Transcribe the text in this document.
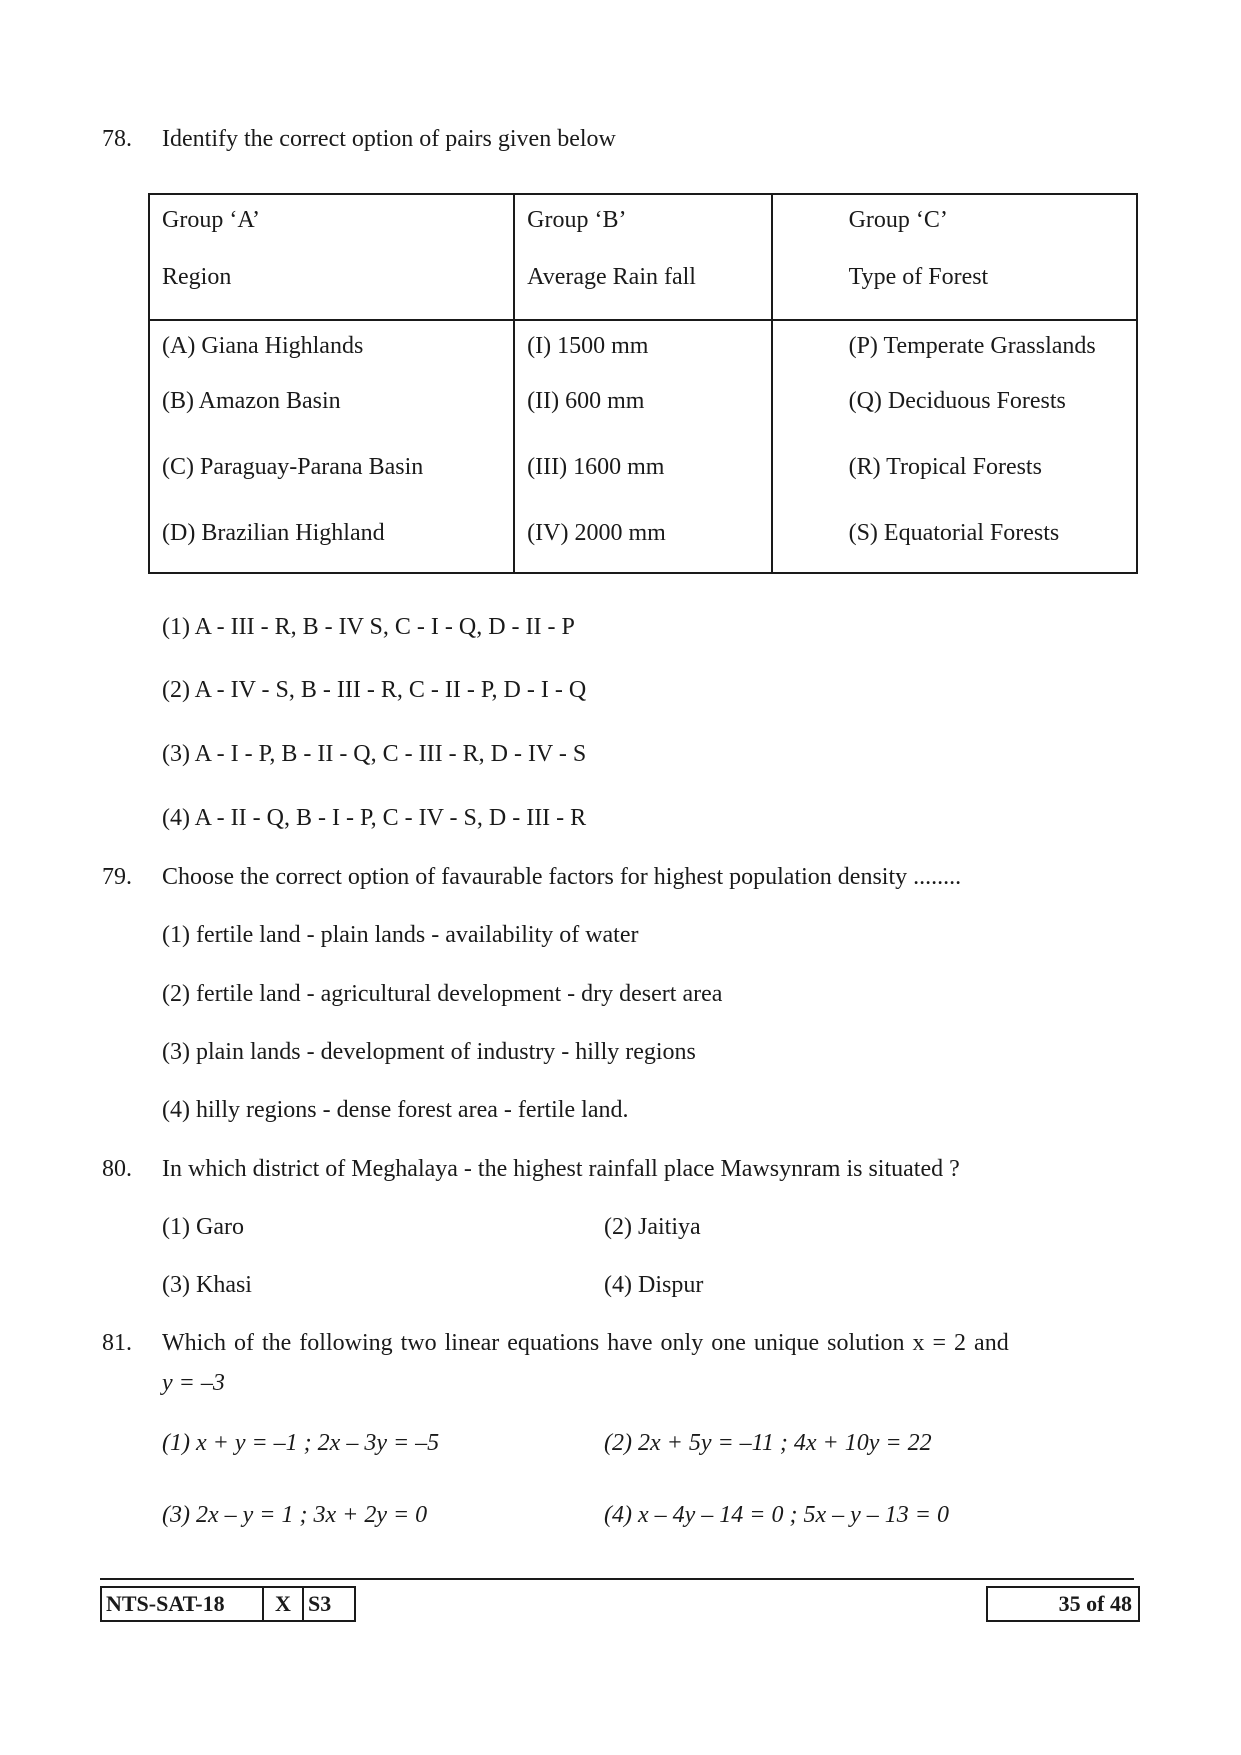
78. Identify the correct option of pairs given below
Group ‘A’	Group ‘B’	Group ‘C’
Region	Average Rain fall	Type of Forest
(A) Giana Highlands	(I) 1500 mm	(P) Temperate Grasslands
(B) Amazon Basin	(II) 600 mm	(Q) Deciduous Forests
(C) Paraguay-Parana Basin	(III) 1600 mm	(R) Tropical Forests
(D) Brazilian Highland	(IV) 2000 mm	(S) Equatorial Forests
(1) A - III - R, B - IV S, C - I - Q, D - II - P
(2) A - IV - S, B - III - R, C - II - P, D - I - Q
(3) A - I - P, B - II - Q, C - III - R, D - IV - S
(4) A - II - Q, B - I - P, C - IV - S, D - III - R
79. Choose the correct option of favaurable factors for highest population density ........
(1) fertile land - plain lands - availability of water
(2) fertile land - agricultural development - dry desert area
(3) plain lands - development of industry - hilly regions
(4) hilly regions - dense forest area - fertile land.
80. In which district of Meghalaya - the highest rainfall place Mawsynram is situated ?
(1) Garo	(2) Jaitiya
(3) Khasi	(4) Dispur
81. Which of the following two linear equations have only one unique solution x = 2 and
y = –3
(1) x + y = –1 ; 2x – 3y = –5	(2) 2x + 5y = –11 ; 4x + 10y = 22
(3) 2x – y = 1 ; 3x + 2y = 0	(4) x – 4y – 14 = 0 ; 5x – y – 13 = 0
NTS-SAT-18	X S3	35 of 48
